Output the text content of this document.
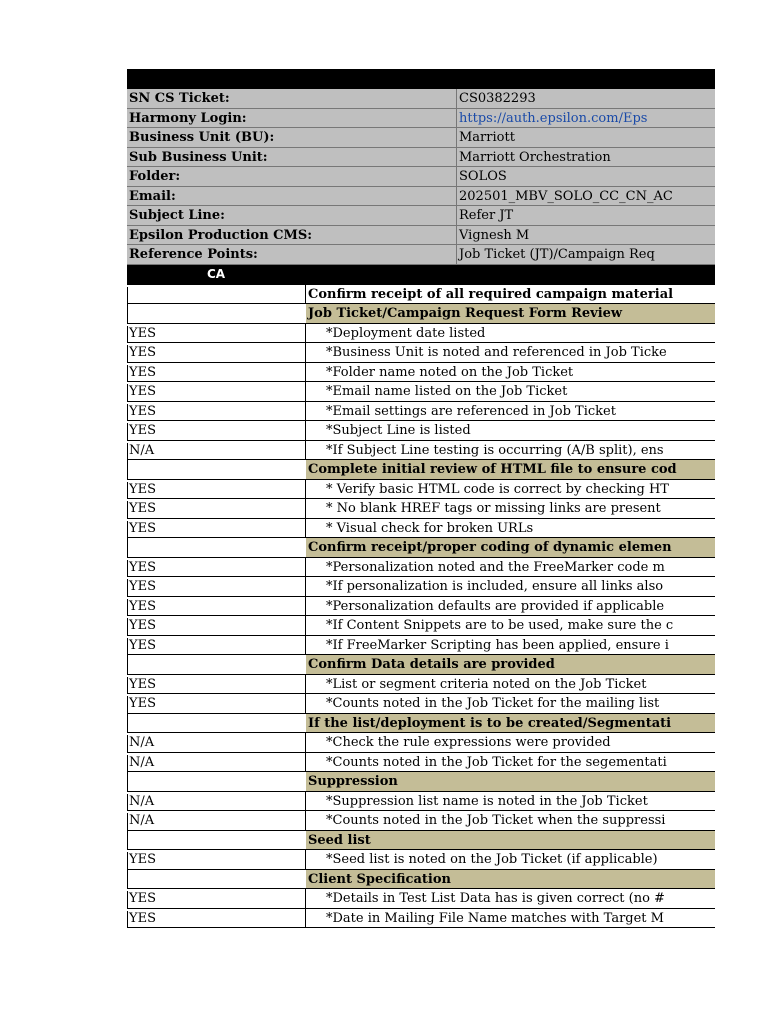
SN CS Ticket:	CS0382293
Harmony Login:	https://auth.epsilon.com/Eps
Business Unit (BU):	Marriott
Sub Business Unit:	Marriott Orchestration
Folder:	SOLOS
Email:	202501_MBV_SOLO_CC_CN_AC
Subject Line:	Refer JT
Epsilon Production CMS:	Vignesh M
Reference Points:	Job Ticket (JT)/Campaign Req
CA
Confirm receipt of all required campaign material
Job Ticket/Campaign Request Form Review
YES	*Deployment date listed
YES	*Business Unit is noted and referenced in Job Ticke
YES	*Folder name noted on the Job Ticket
YES	*Email name listed on the Job Ticket
YES	*Email settings are referenced in Job Ticket
YES	*Subject Line is listed
N/A	*If Subject Line testing is occurring (A/B split), ens
Complete initial review of HTML file to ensure cod
YES	* Verify basic HTML code is correct by checking HT
YES	* No blank HREF tags or missing links are present
YES	* Visual check for broken URLs
Confirm receipt/proper coding of dynamic elemen
YES	*Personalization noted and the FreeMarker code m
YES	*If personalization is included, ensure all links also
YES	*Personalization defaults are provided if applicable
YES	*If Content Snippets are to be used, make sure the c
YES	*If FreeMarker Scripting has been applied, ensure i
Confirm Data details are provided
YES	*List or segment criteria noted on the Job Ticket
YES	*Counts noted in the Job Ticket for the mailing list
If the list/deployment is to be created/Segmentati
N/A	*Check the rule expressions were provided
N/A	*Counts noted in the Job Ticket for the segementati
Suppression
N/A	*Suppression list name is noted in the Job Ticket
N/A	*Counts noted in the Job Ticket when the suppressi
Seed list
YES	*Seed list is noted on the Job Ticket (if applicable)
Client Specification
YES	*Details in Test List Data has is given correct (no #
YES	*Date in Mailing File Name matches with Target M
